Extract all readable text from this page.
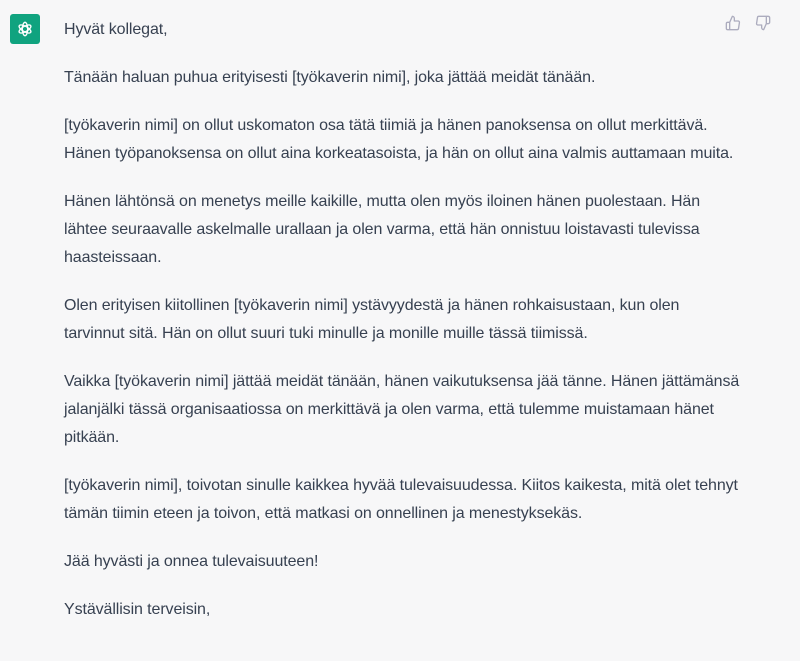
Hyvät kollegat,

Tänään haluan puhua erityisesti [työkaverin nimi], joka jättää meidät tänään.

[työkaverin nimi] on ollut uskomaton osa tätä tiimiä ja hänen panoksensa on ollut merkittävä. Hänen työpanoksensa on ollut aina korkeatasoista, ja hän on ollut aina valmis auttamaan muita.

Hänen lähtönsä on menetys meille kaikille, mutta olen myös iloinen hänen puolestaan. Hän lähtee seuraavalle askelmalle urallaan ja olen varma, että hän onnistuu loistavasti tulevissa haasteissaan.

Olen erityisen kiitollinen [työkaverin nimi] ystävyydestä ja hänen rohkaisustaan, kun olen tarvinnut sitä. Hän on ollut suuri tuki minulle ja monille muille tässä tiimissä.

Vaikka [työkaverin nimi] jättää meidät tänään, hänen vaikutuksensa jää tänne. Hänen jättämänsä jalanjälki tässä organisaatiossa on merkittävä ja olen varma, että tulemme muistamaan hänet pitkään.

[työkaverin nimi], toivotan sinulle kaikkea hyvää tulevaisuudessa. Kiitos kaikesta, mitä olet tehnyt tämän tiimin eteen ja toivon, että matkasi on onnellinen ja menestyksekäs.

Jää hyvästi ja onnea tulevaisuuteen!

Ystävällisin terveisin,
